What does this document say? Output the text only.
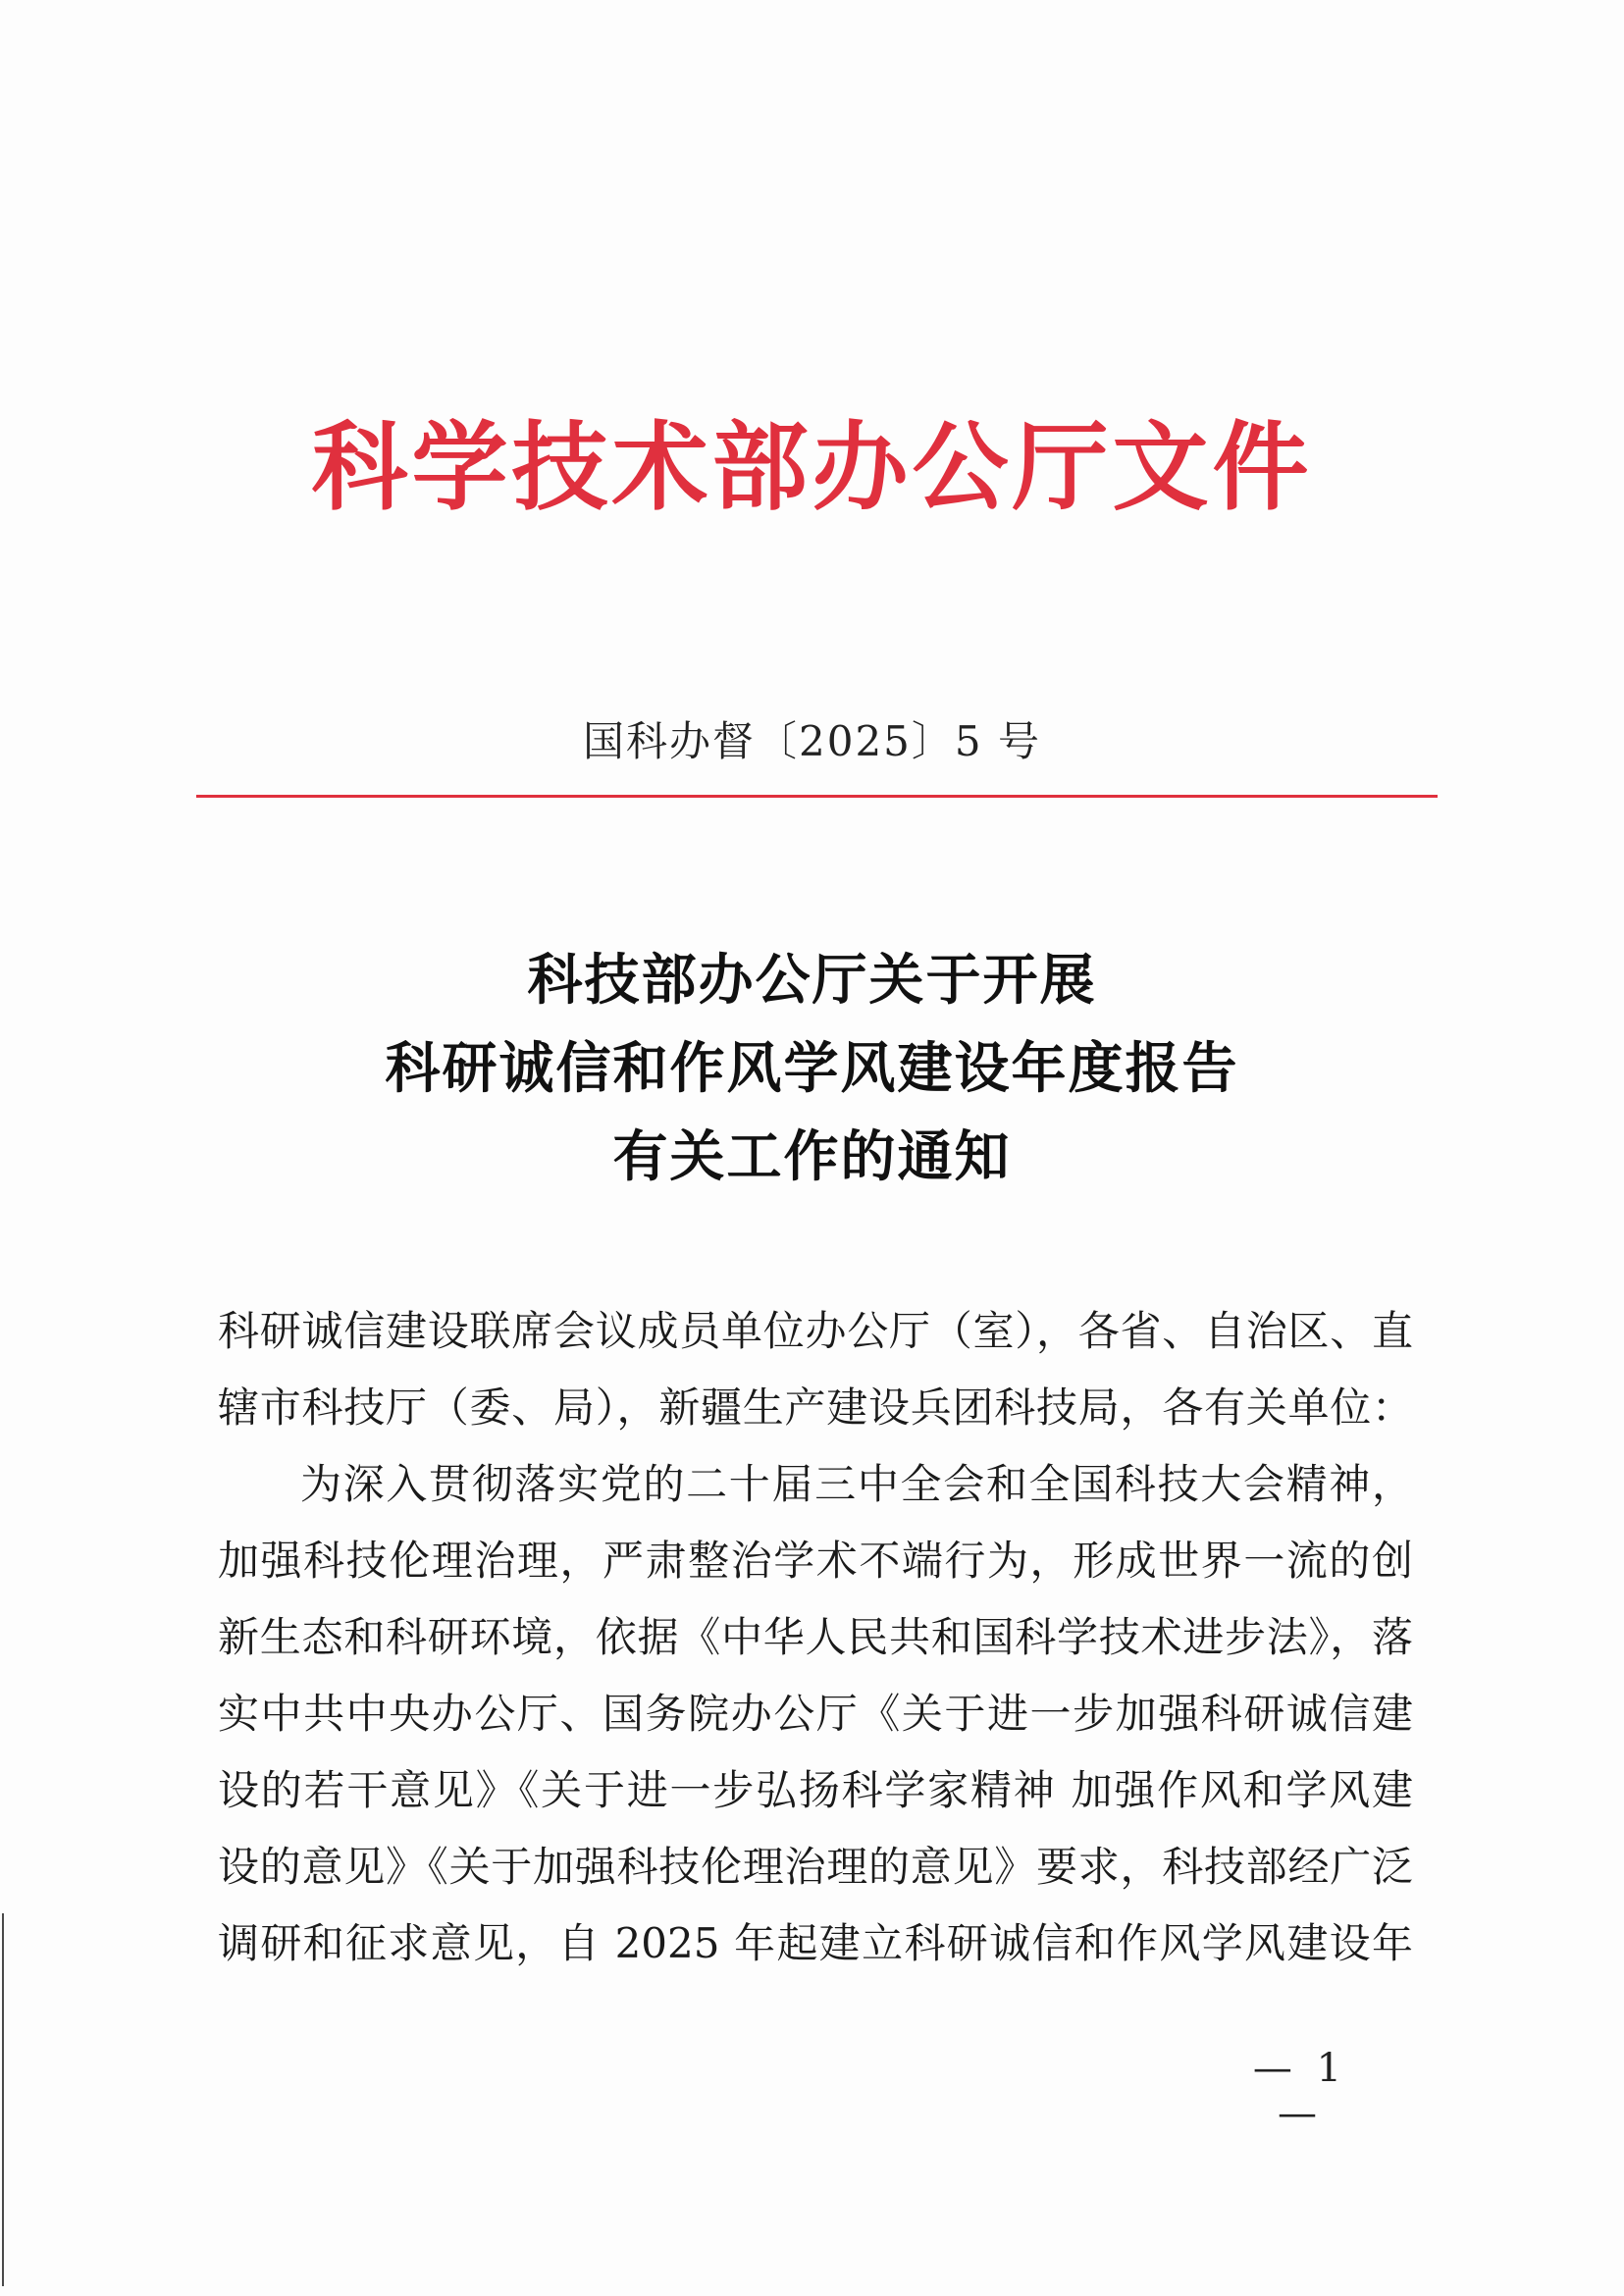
科学技术部办公厅文件
国科办督〔2025〕5 号
科技部办公厅关于开展
科研诚信和作风学风建设年度报告
有关工作的通知
科研诚信建设联席会议成员单位办公厅（室），各省、自治区、直
辖市科技厅（委、局），新疆生产建设兵团科技局，各有关单位：
为深入贯彻落实党的二十届三中全会和全国科技大会精神，
加强科技伦理治理，严肃整治学术不端行为，形成世界一流的创
新生态和科研环境，依据《中华人民共和国科学技术进步法》，落
实中共中央办公厅、国务院办公厅《关于进一步加强科研诚信建
设的若干意见》《关于进一步弘扬科学家精神 加强作风和学风建
设的意见》《关于加强科技伦理治理的意见》要求，科技部经广泛
调研和征求意见，自 2025 年起建立科研诚信和作风学风建设年
— 1 —
